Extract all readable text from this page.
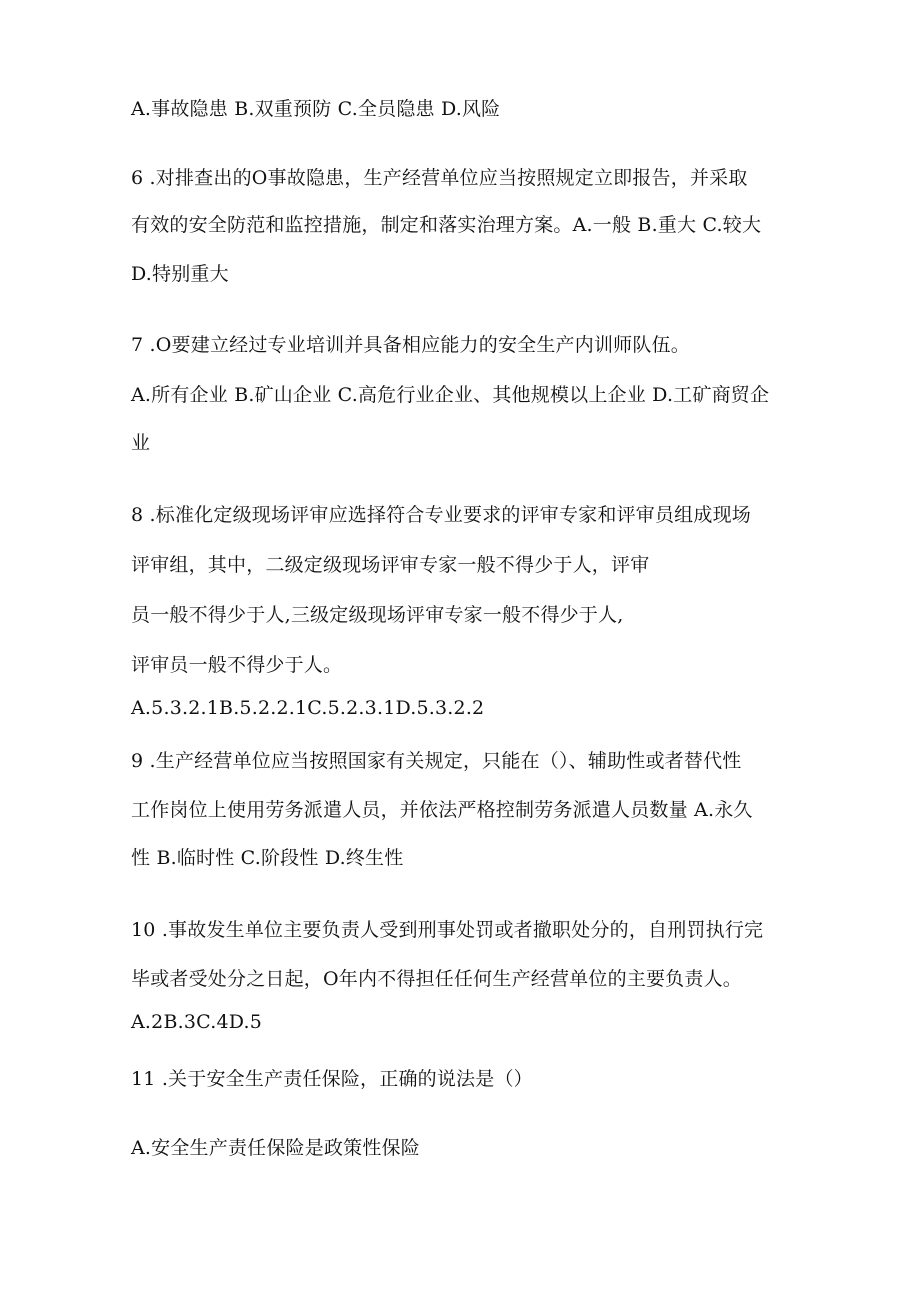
A.事故隐患 B.双重预防 C.全员隐患 D.风险
6 .对排查出的O事故隐患，生产经营单位应当按照规定立即报告，并采取
有效的安全防范和监控措施，制定和落实治理方案。A.一般 B.重大 C.较大
D.特别重大
7 .O要建立经过专业培训并具备相应能力的安全生产内训师队伍。
A.所有企业 B.矿山企业 C.高危行业企业、其他规模以上企业 D.工矿商贸企
业
8 .标准化定级现场评审应选择符合专业要求的评审专家和评审员组成现场
评审组，其中，二级定级现场评审专家一般不得少于人，评审
员一般不得少于人,三级定级现场评审专家一般不得少于人,
评审员一般不得少于人。
A.5.3.2.1B.5.2.2.1C.5.2.3.1D.5.3.2.2
9 .生产经营单位应当按照国家有关规定，只能在（）、辅助性或者替代性
工作岗位上使用劳务派遣人员，并依法严格控制劳务派遣人员数量 A.永久
性 B.临时性 C.阶段性 D.终生性
10 .事故发生单位主要负责人受到刑事处罚或者撤职处分的，自刑罚执行完
毕或者受处分之日起，O年内不得担任任何生产经营单位的主要负责人。
A.2B.3C.4D.5
11 .关于安全生产责任保险，正确的说法是（）
A.安全生产责任保险是政策性保险
